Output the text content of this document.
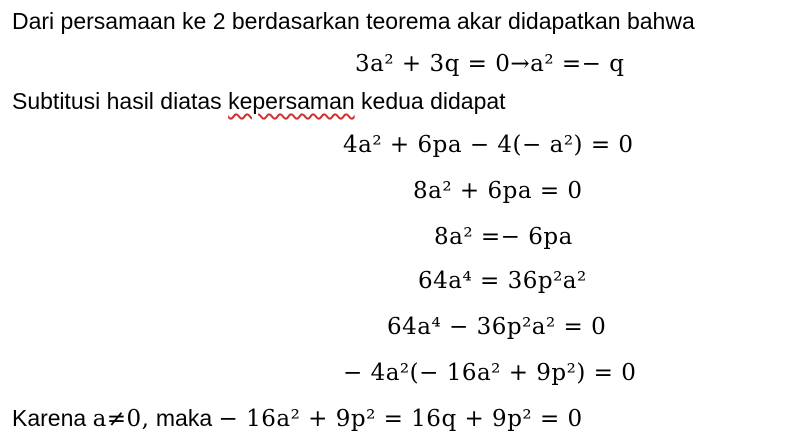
Dari persamaan ke 2 berdasarkan teorema akar didapatkan bahwa
3a² + 3q = 0→a² =− q
Subtitusi hasil diatas kepersaman kedua didapat
4a² + 6pa − 4(− a²) = 0
8a² + 6pa = 0
8a² =− 6pa
64a⁴ = 36p²a²
64a⁴ − 36p²a² = 0
− 4a²(− 16a² + 9p²) = 0
Karena a≠0, maka − 16a² + 9p² = 16q + 9p² = 0
